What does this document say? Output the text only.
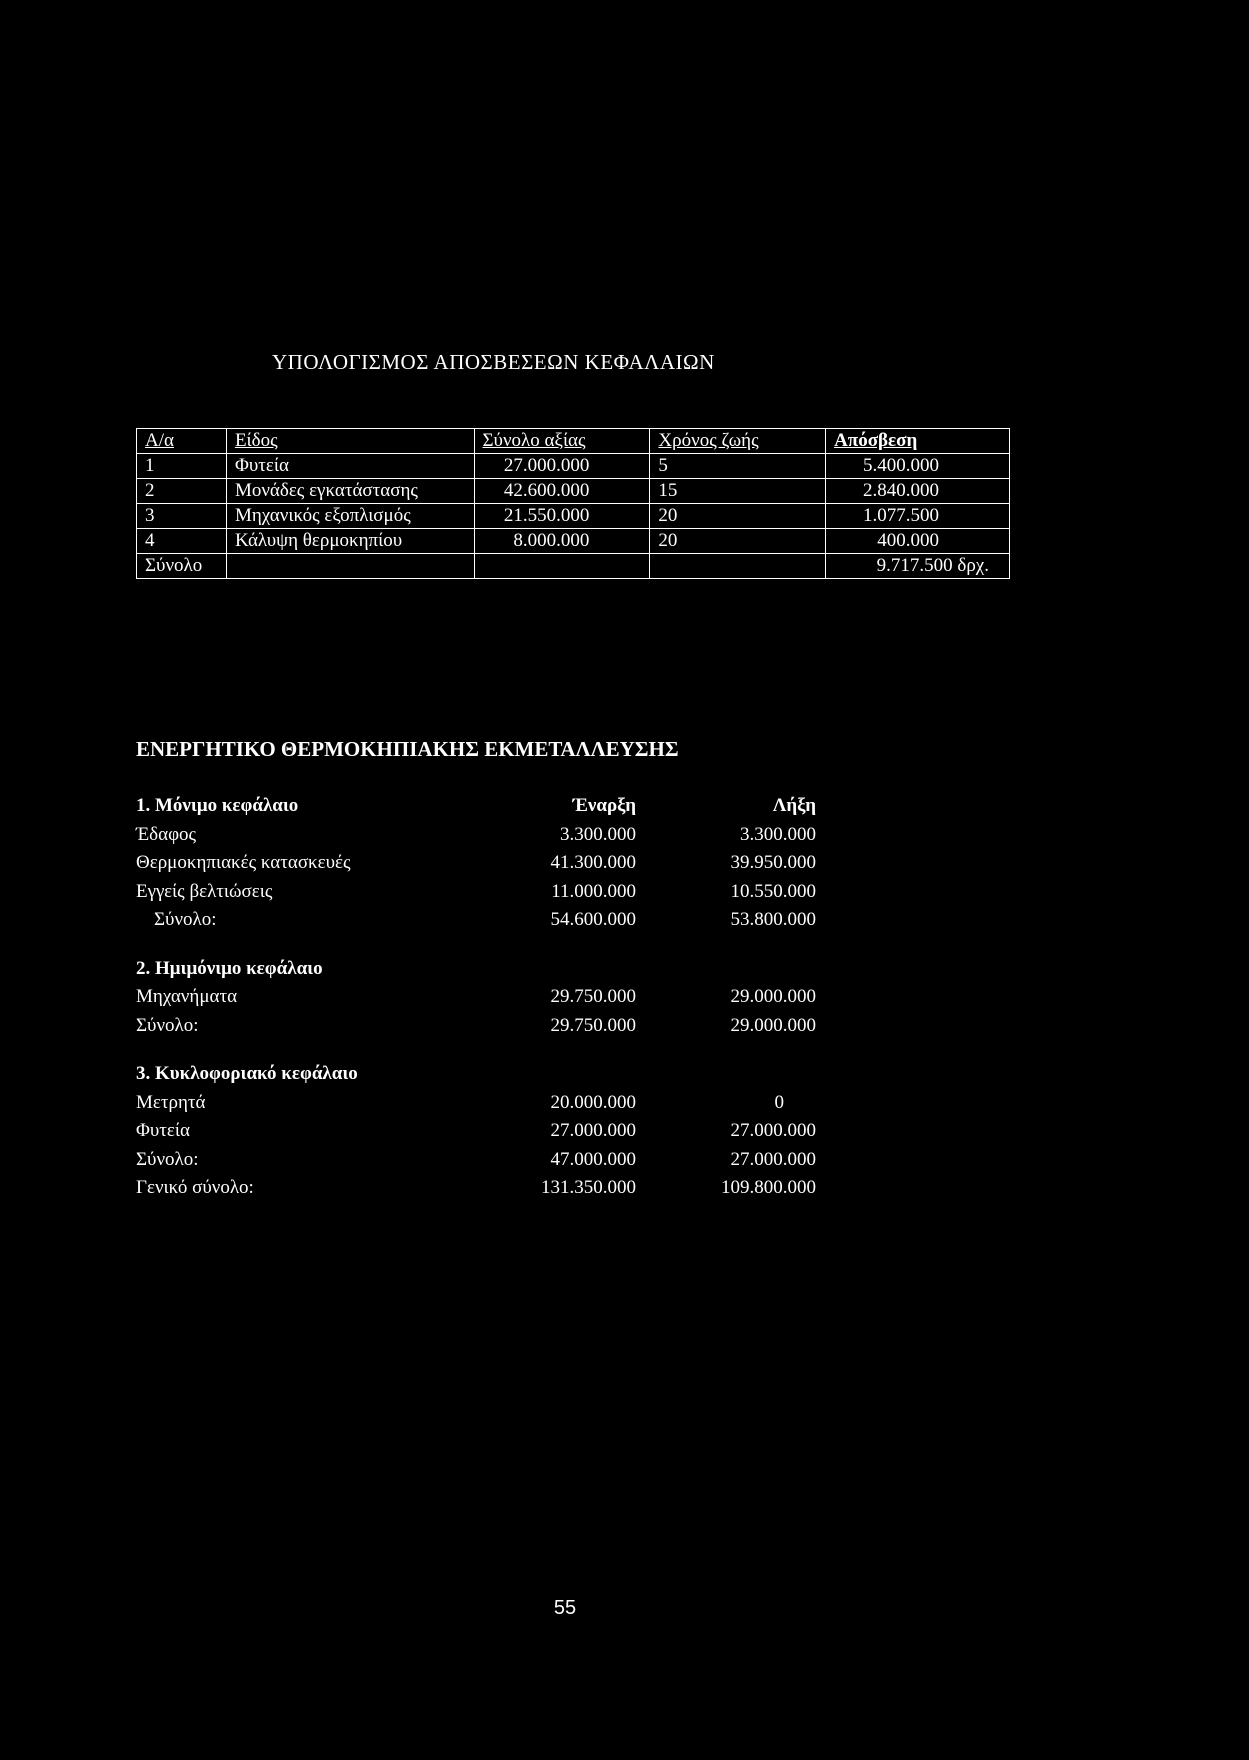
ΥΠΟΛΟΓΙΣΜΟΣ ΑΠΟΣΒΕΣΕΩΝ ΚΕΦΑΛΑΙΩΝ
Α/α	Είδος	Σύνολο αξίας	Χρόνος ζωής	Απόσβεση
1	Φυτεία	27.000.000	5	5.400.000
2	Μονάδες εγκατάστασης	42.600.000	15	2.840.000
3	Μηχανικός εξοπλισμός	21.550.000	20	1.077.500
4	Κάλυψη θερμοκηπίου	8.000.000	20	400.000
Σύνολο				9.717.500 δρχ.
ΕΝΕΡΓΗΤΙΚΟ ΘΕΡΜΟΚΗΠΙΑΚΗΣ ΕΚΜΕΤΑΛΛΕΥΣΗΣ
1. Μόνιμο κεφάλαιο	Έναρξη	Λήξη
Έδαφος	3.300.000	3.300.000
Θερμοκηπιακές κατασκευές	41.300.000	39.950.000
Εγγείς βελτιώσεις	11.000.000	10.550.000
Σύνολο:	54.600.000	53.800.000
2. Ημιμόνιμο κεφάλαιο
Μηχανήματα	29.750.000	29.000.000
Σύνολο:	29.750.000	29.000.000
3. Κυκλοφοριακό κεφάλαιο
Μετρητά	20.000.000	0
Φυτεία	27.000.000	27.000.000
Σύνολο:	47.000.000	27.000.000
Γενικό σύνολο:	131.350.000	109.800.000
55
